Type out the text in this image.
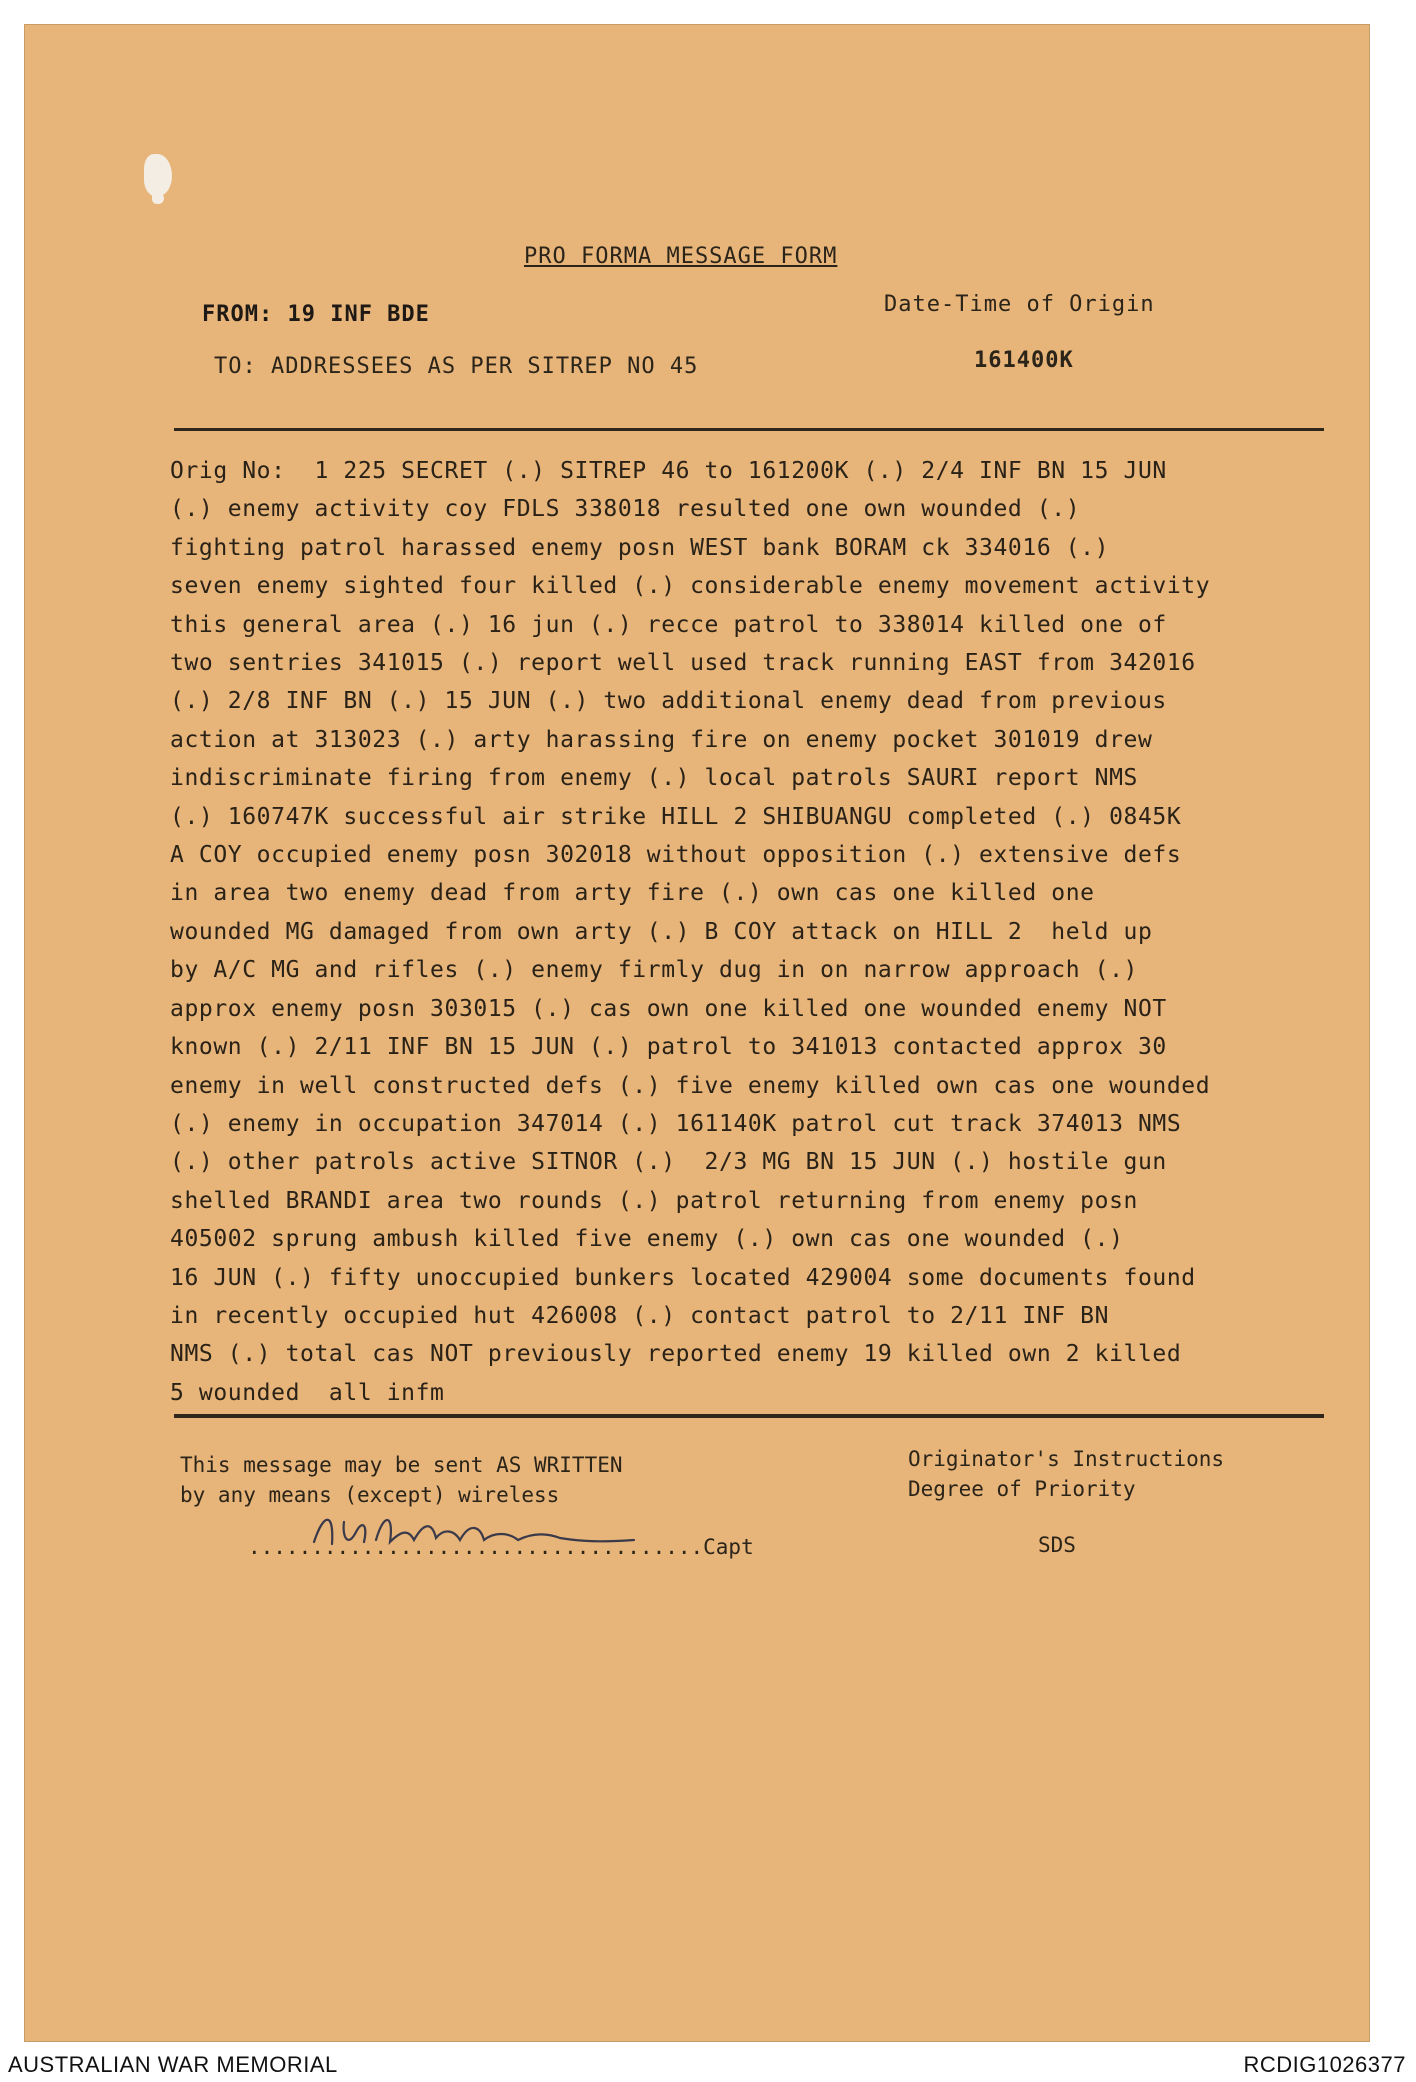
PRO FORMA MESSAGE FORM
FROM: 19 INF BDE	Date-Time of Origin
TO: ADDRESSEES AS PER SITREP NO 45	161400K
Orig No:  1 225 SECRET (.) SITREP 46 to 161200K (.) 2/4 INF BN 15 JUN
(.) enemy activity coy FDLS 338018 resulted one own wounded (.)
fighting patrol harassed enemy posn WEST bank BORAM ck 334016 (.)
seven enemy sighted four killed (.) considerable enemy movement activity
this general area (.) 16 jun (.) recce patrol to 338014 killed one of
two sentries 341015 (.) report well used track running EAST from 342016
(.) 2/8 INF BN (.) 15 JUN (.) two additional enemy dead from previous
action at 313023 (.) arty harassing fire on enemy pocket 301019 drew
indiscriminate firing from enemy (.) local patrols SAURI report NMS
(.) 160747K successful air strike HILL 2 SHIBUANGU completed (.) 0845K
A COY occupied enemy posn 302018 without opposition (.) extensive defs
in area two enemy dead from arty fire (.) own cas one killed one
wounded MG damaged from own arty (.) B COY attack on HILL 2  held up
by A/C MG and rifles (.) enemy firmly dug in on narrow approach (.)
approx enemy posn 303015 (.) cas own one killed one wounded enemy NOT
known (.) 2/11 INF BN 15 JUN (.) patrol to 341013 contacted approx 30
enemy in well constructed defs (.) five enemy killed own cas one wounded
(.) enemy in occupation 347014 (.) 161140K patrol cut track 374013 NMS
(.) other patrols active SITNOR (.)  2/3 MG BN 15 JUN (.) hostile gun
shelled BRANDI area two rounds (.) patrol returning from enemy posn
405002 sprung ambush killed five enemy (.) own cas one wounded (.)
16 JUN (.) fifty unoccupied bunkers located 429004 some documents found
in recently occupied hut 426008 (.) contact patrol to 2/11 INF BN
NMS (.) total cas NOT previously reported enemy 19 killed own 2 killed
5 wounded  all infm
This message may be sent AS WRITTEN
by any means (except) wireless
Originator's Instructions
Degree of Priority
....................................Capt	SDS
AUSTRALIAN WAR MEMORIAL	RCDIG1026377
